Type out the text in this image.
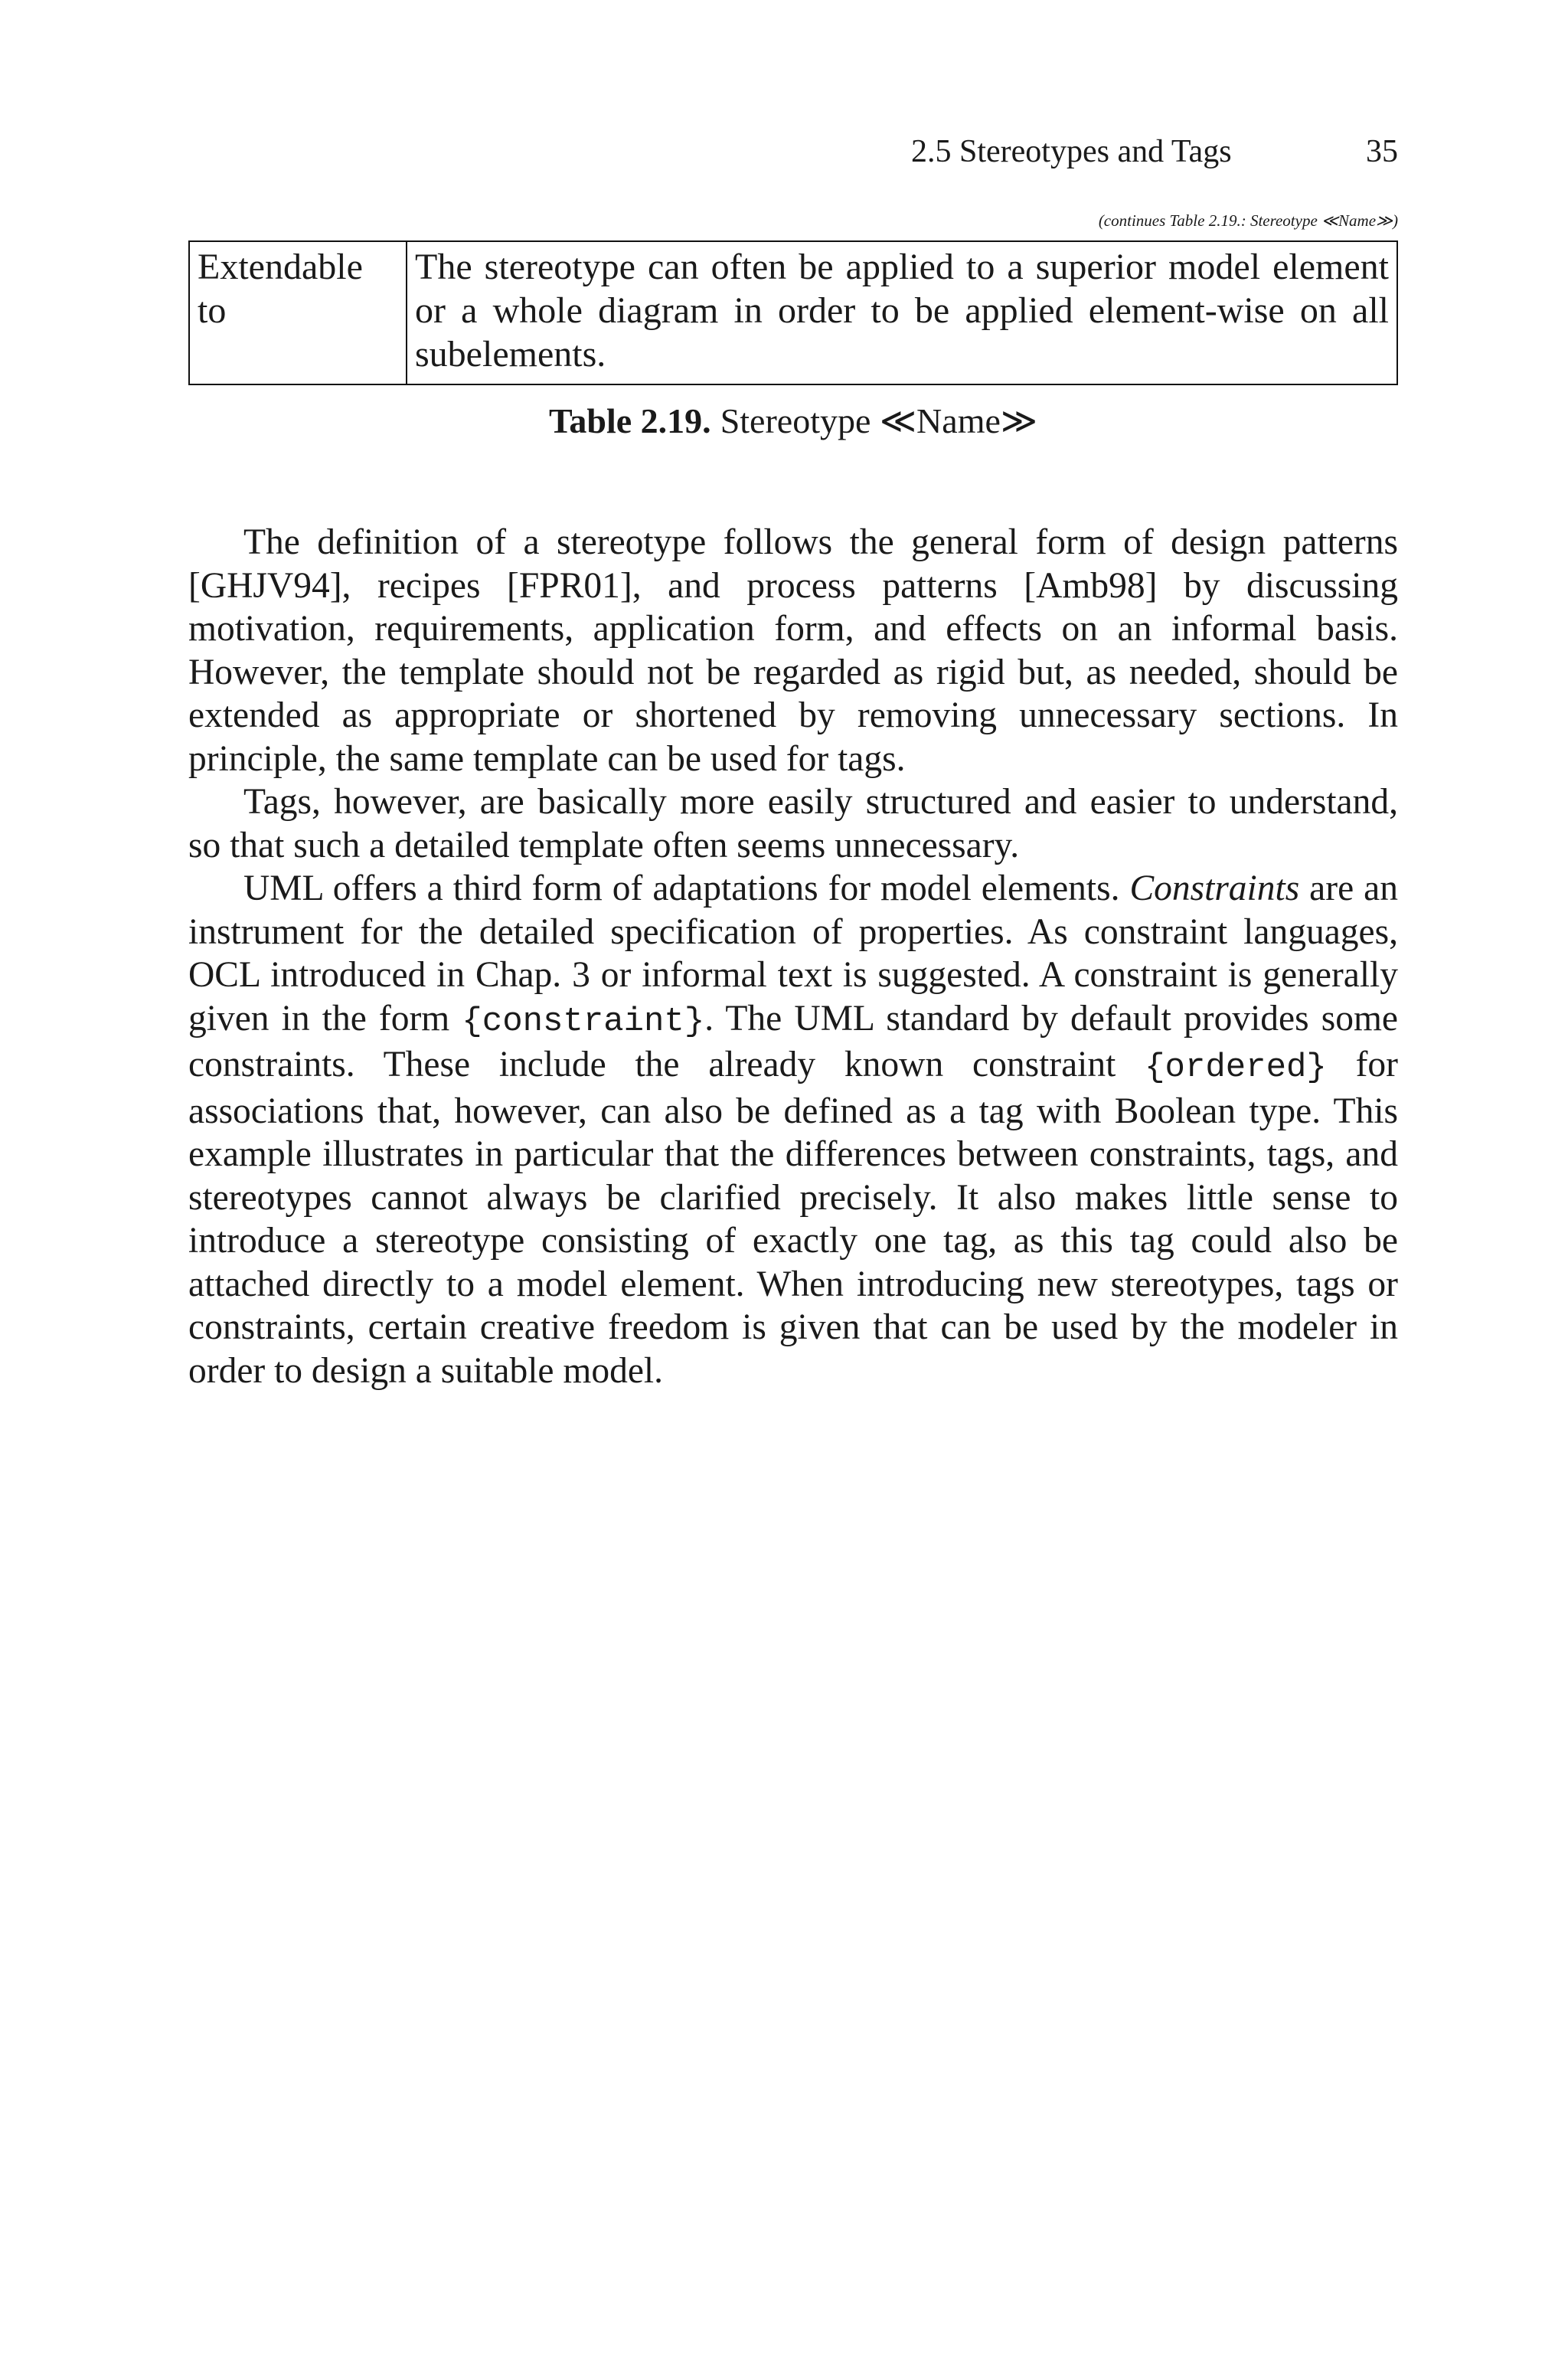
2.5 Stereotypes and Tags	35
(continues Table 2.19.: Stereotype ≪Name≫)
Extendable to	The stereotype can often be applied to a superior model element or a whole diagram in order to be applied element-wise on all subelements.
Table 2.19. Stereotype ≪Name≫

The definition of a stereotype follows the general form of design patterns [GHJV94], recipes [FPR01], and process patterns [Amb98] by discussing motivation, requirements, application form, and effects on an informal basis. However, the template should not be regarded as rigid but, as needed, should be extended as appropriate or shortened by removing unnecessary sections. In principle, the same template can be used for tags.

Tags, however, are basically more easily structured and easier to understand, so that such a detailed template often seems unnecessary.

UML offers a third form of adaptations for model elements. Constraints are an instrument for the detailed specification of properties. As constraint languages, OCL introduced in Chap. 3 or informal text is suggested. A constraint is generally given in the form {constraint}. The UML standard by default provides some constraints. These include the already known constraint {ordered} for associations that, however, can also be defined as a tag with Boolean type. This example illustrates in particular that the differences between constraints, tags, and stereotypes cannot always be clarified precisely. It also makes little sense to introduce a stereotype consisting of exactly one tag, as this tag could also be attached directly to a model element. When introducing new stereotypes, tags or constraints, certain creative freedom is given that can be used by the modeler in order to design a suitable model.
